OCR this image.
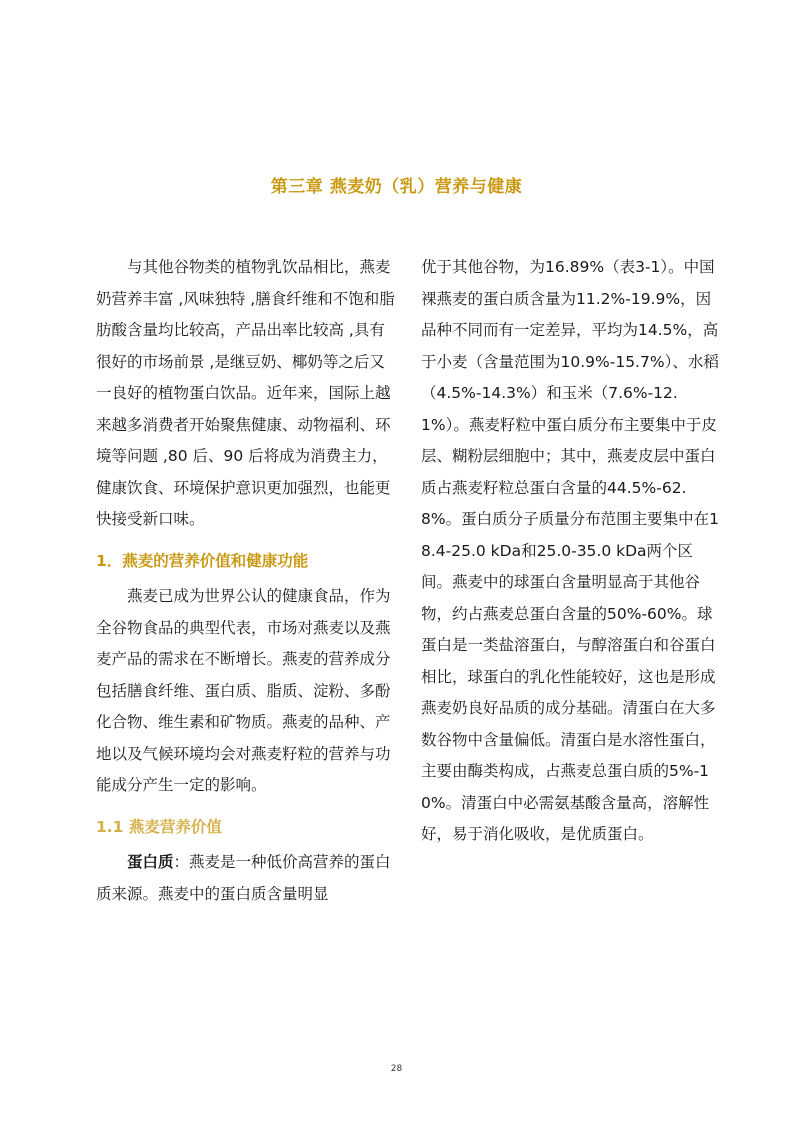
第三章 燕麦奶（乳）营养与健康

与其他谷物类的植物乳饮品相比，燕麦奶营养丰富 ,风味独特 ,膳食纤维和不饱和脂肪酸含量均比较高，产品出率比较高 ,具有很好的市场前景 ,是继豆奶、椰奶等之后又一良好的植物蛋白饮品。近年来，国际上越来越多消费者开始聚焦健康、动物福利、环境等问题 ,80 后、90 后将成为消费主力，健康饮食、环境保护意识更加强烈，也能更快接受新口味。

1．燕麦的营养价值和健康功能

燕麦已成为世界公认的健康食品，作为全谷物食品的典型代表，市场对燕麦以及燕麦产品的需求在不断增长。燕麦的营养成分包括膳食纤维、蛋白质、脂质、淀粉、多酚化合物、维生素和矿物质。燕麦的品种、产地以及气候环境均会对燕麦籽粒的营养与功能成分产生一定的影响。

1.1 燕麦营养价值

蛋白质：燕麦是一种低价高营养的蛋白质来源。燕麦中的蛋白质含量明显

优于其他谷物，为16.89%（表3-1）。中国裸燕麦的蛋白质含量为11.2%-19.9%，因品种不同而有一定差异，平均为14.5%，高于小麦（含量范围为10.9%-15.7%）、水稻（4.5%-14.3%）和玉米（7.6%-12.1%）。燕麦籽粒中蛋白质分布主要集中于皮层、糊粉层细胞中；其中，燕麦皮层中蛋白质占燕麦籽粒总蛋白含量的44.5%-62.8%。蛋白质分子质量分布范围主要集中在18.4-25.0 kDa和25.0-35.0 kDa两个区间。燕麦中的球蛋白含量明显高于其他谷物，约占燕麦总蛋白含量的50%-60%。球蛋白是一类盐溶蛋白，与醇溶蛋白和谷蛋白相比，球蛋白的乳化性能较好，这也是形成燕麦奶良好品质的成分基础。清蛋白在大多数谷物中含量偏低。清蛋白是水溶性蛋白，主要由酶类构成，占燕麦总蛋白质的5%-10%。清蛋白中必需氨基酸含量高，溶解性好，易于消化吸收，是优质蛋白。

28
